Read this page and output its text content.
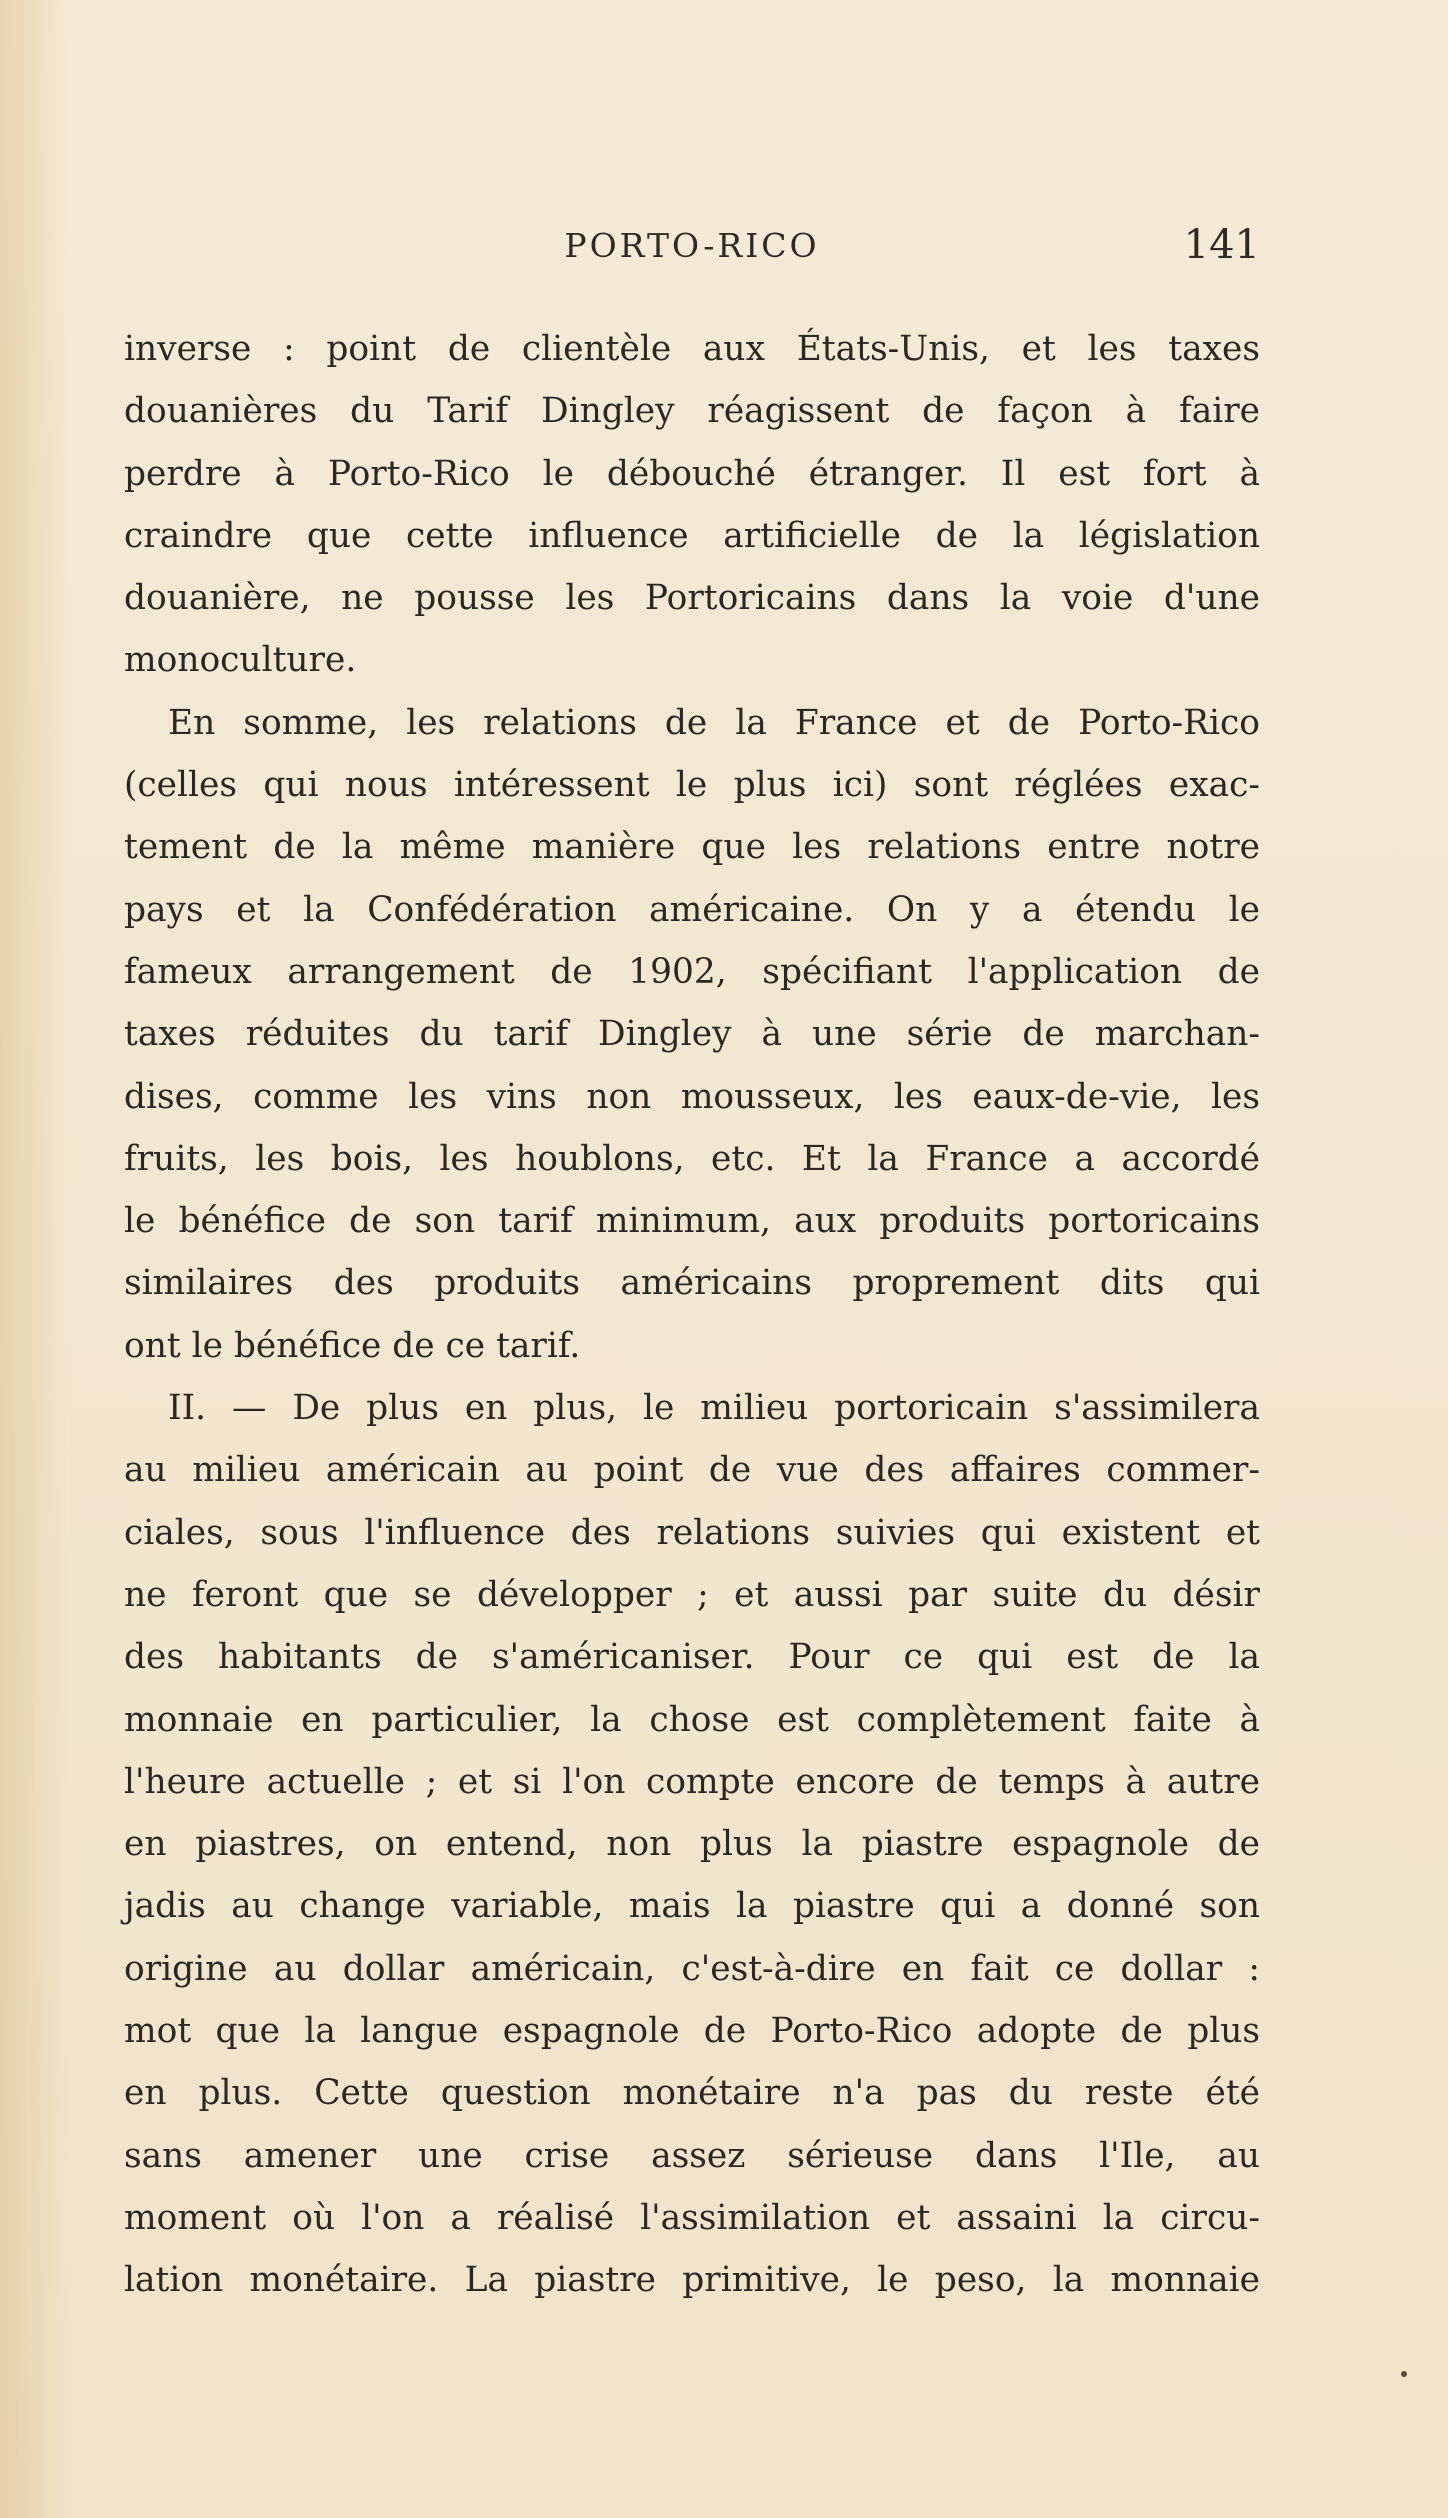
PORTO-RICO	141
inverse : point de clientèle aux États-Unis, et les taxes
douanières du Tarif Dingley réagissent de façon à faire
perdre à Porto-Rico le débouché étranger. Il est fort à
craindre que cette influence artificielle de la législation
douanière, ne pousse les Portoricains dans la voie d'une
monoculture.
En somme, les relations de la France et de Porto-Rico
(celles qui nous intéressent le plus ici) sont réglées exac-
tement de la même manière que les relations entre notre
pays et la Confédération américaine. On y a étendu le
fameux arrangement de 1902, spécifiant l'application de
taxes réduites du tarif Dingley à une série de marchan-
dises, comme les vins non mousseux, les eaux-de-vie, les
fruits, les bois, les houblons, etc. Et la France a accordé
le bénéfice de son tarif minimum, aux produits portoricains
similaires des produits américains proprement dits qui
ont le bénéfice de ce tarif.
II. — De plus en plus, le milieu portoricain s'assimilera
au milieu américain au point de vue des affaires commer-
ciales, sous l'influence des relations suivies qui existent et
ne feront que se développer ; et aussi par suite du désir
des habitants de s'américaniser. Pour ce qui est de la
monnaie en particulier, la chose est complètement faite à
l'heure actuelle ; et si l'on compte encore de temps à autre
en piastres, on entend, non plus la piastre espagnole de
jadis au change variable, mais la piastre qui a donné son
origine au dollar américain, c'est-à-dire en fait ce dollar :
mot que la langue espagnole de Porto-Rico adopte de plus
en plus. Cette question monétaire n'a pas du reste été
sans amener une crise assez sérieuse dans l'Ile, au
moment où l'on a réalisé l'assimilation et assaini la circu-
lation monétaire. La piastre primitive, le peso, la monnaie
